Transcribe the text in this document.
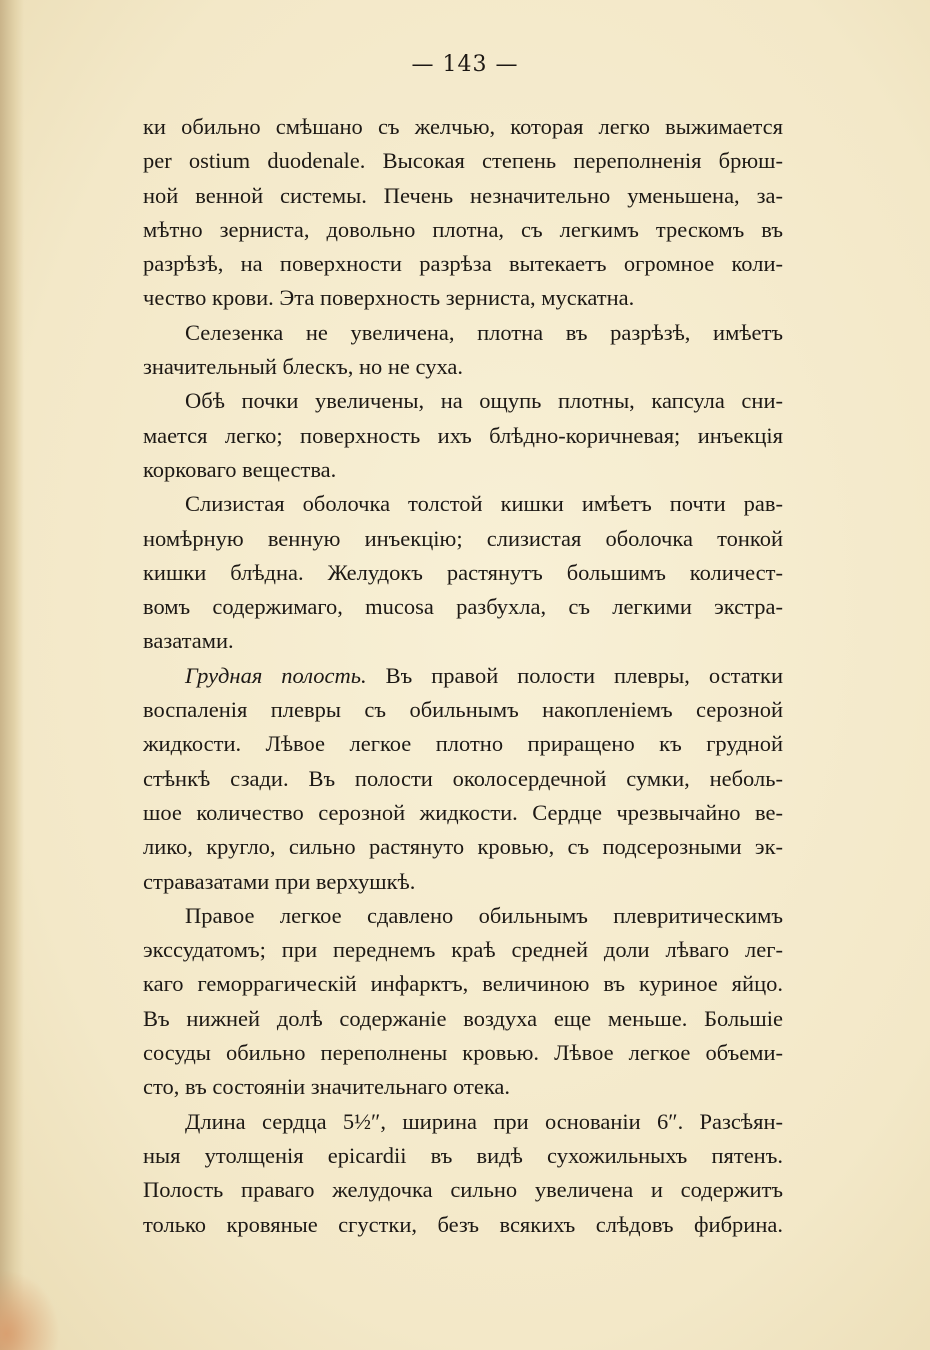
— 143 —
ки обильно смѣшано съ желчью, которая легко выжимается
per ostium duodenale. Высокая степень переполненія брюш-
ной венной системы. Печень незначительно уменьшена, за-
мѣтно зерниста, довольно плотна, съ легкимъ трескомъ въ
разрѣзѣ, на поверхности разрѣза вытекаетъ огромное коли-
чество крови. Эта поверхность зерниста, мускатна.
Селезенка не увеличена, плотна въ разрѣзѣ, имѣетъ
значительный блескъ, но не суха.
Обѣ почки увеличены, на ощупь плотны, капсула сни-
мается легко; поверхность ихъ блѣдно-коричневая; инъекція
корковаго вещества.
Слизистая оболочка толстой кишки имѣетъ почти рав-
номѣрную венную инъекцію; слизистая оболочка тонкой
кишки блѣдна. Желудокъ растянутъ большимъ количест-
вомъ содержимаго, mucosa разбухла, съ легкими экстра-
вазатами.
Грудная полость. Въ правой полости плевры, остатки
воспаленія плевры съ обильнымъ накопленіемъ серозной
жидкости. Лѣвое легкое плотно приращено къ грудной
стѣнкѣ сзади. Въ полости околосердечной сумки, неболь-
шое количество серозной жидкости. Сердце чрезвычайно ве-
лико, кругло, сильно растянуто кровью, съ подсерозными эк-
стравазатами при верхушкѣ.
Правое легкое сдавлено обильнымъ плевритическимъ
экссудатомъ; при переднемъ краѣ средней доли лѣваго лег-
каго геморрагическій инфарктъ, величиною въ куриное яйцо.
Въ нижней долѣ содержаніе воздуха еще меньше. Большіе
сосуды обильно переполнены кровью. Лѣвое легкое объеми-
сто, въ состояніи значительнаго отека.
Длина сердца 5½″, ширина при основаніи 6″. Разсѣян-
ныя утолщенія epicardii въ видѣ сухожильныхъ пятенъ.
Полость праваго желудочка сильно увеличена и содержитъ
только кровяные сгустки, безъ всякихъ слѣдовъ фибрина.
